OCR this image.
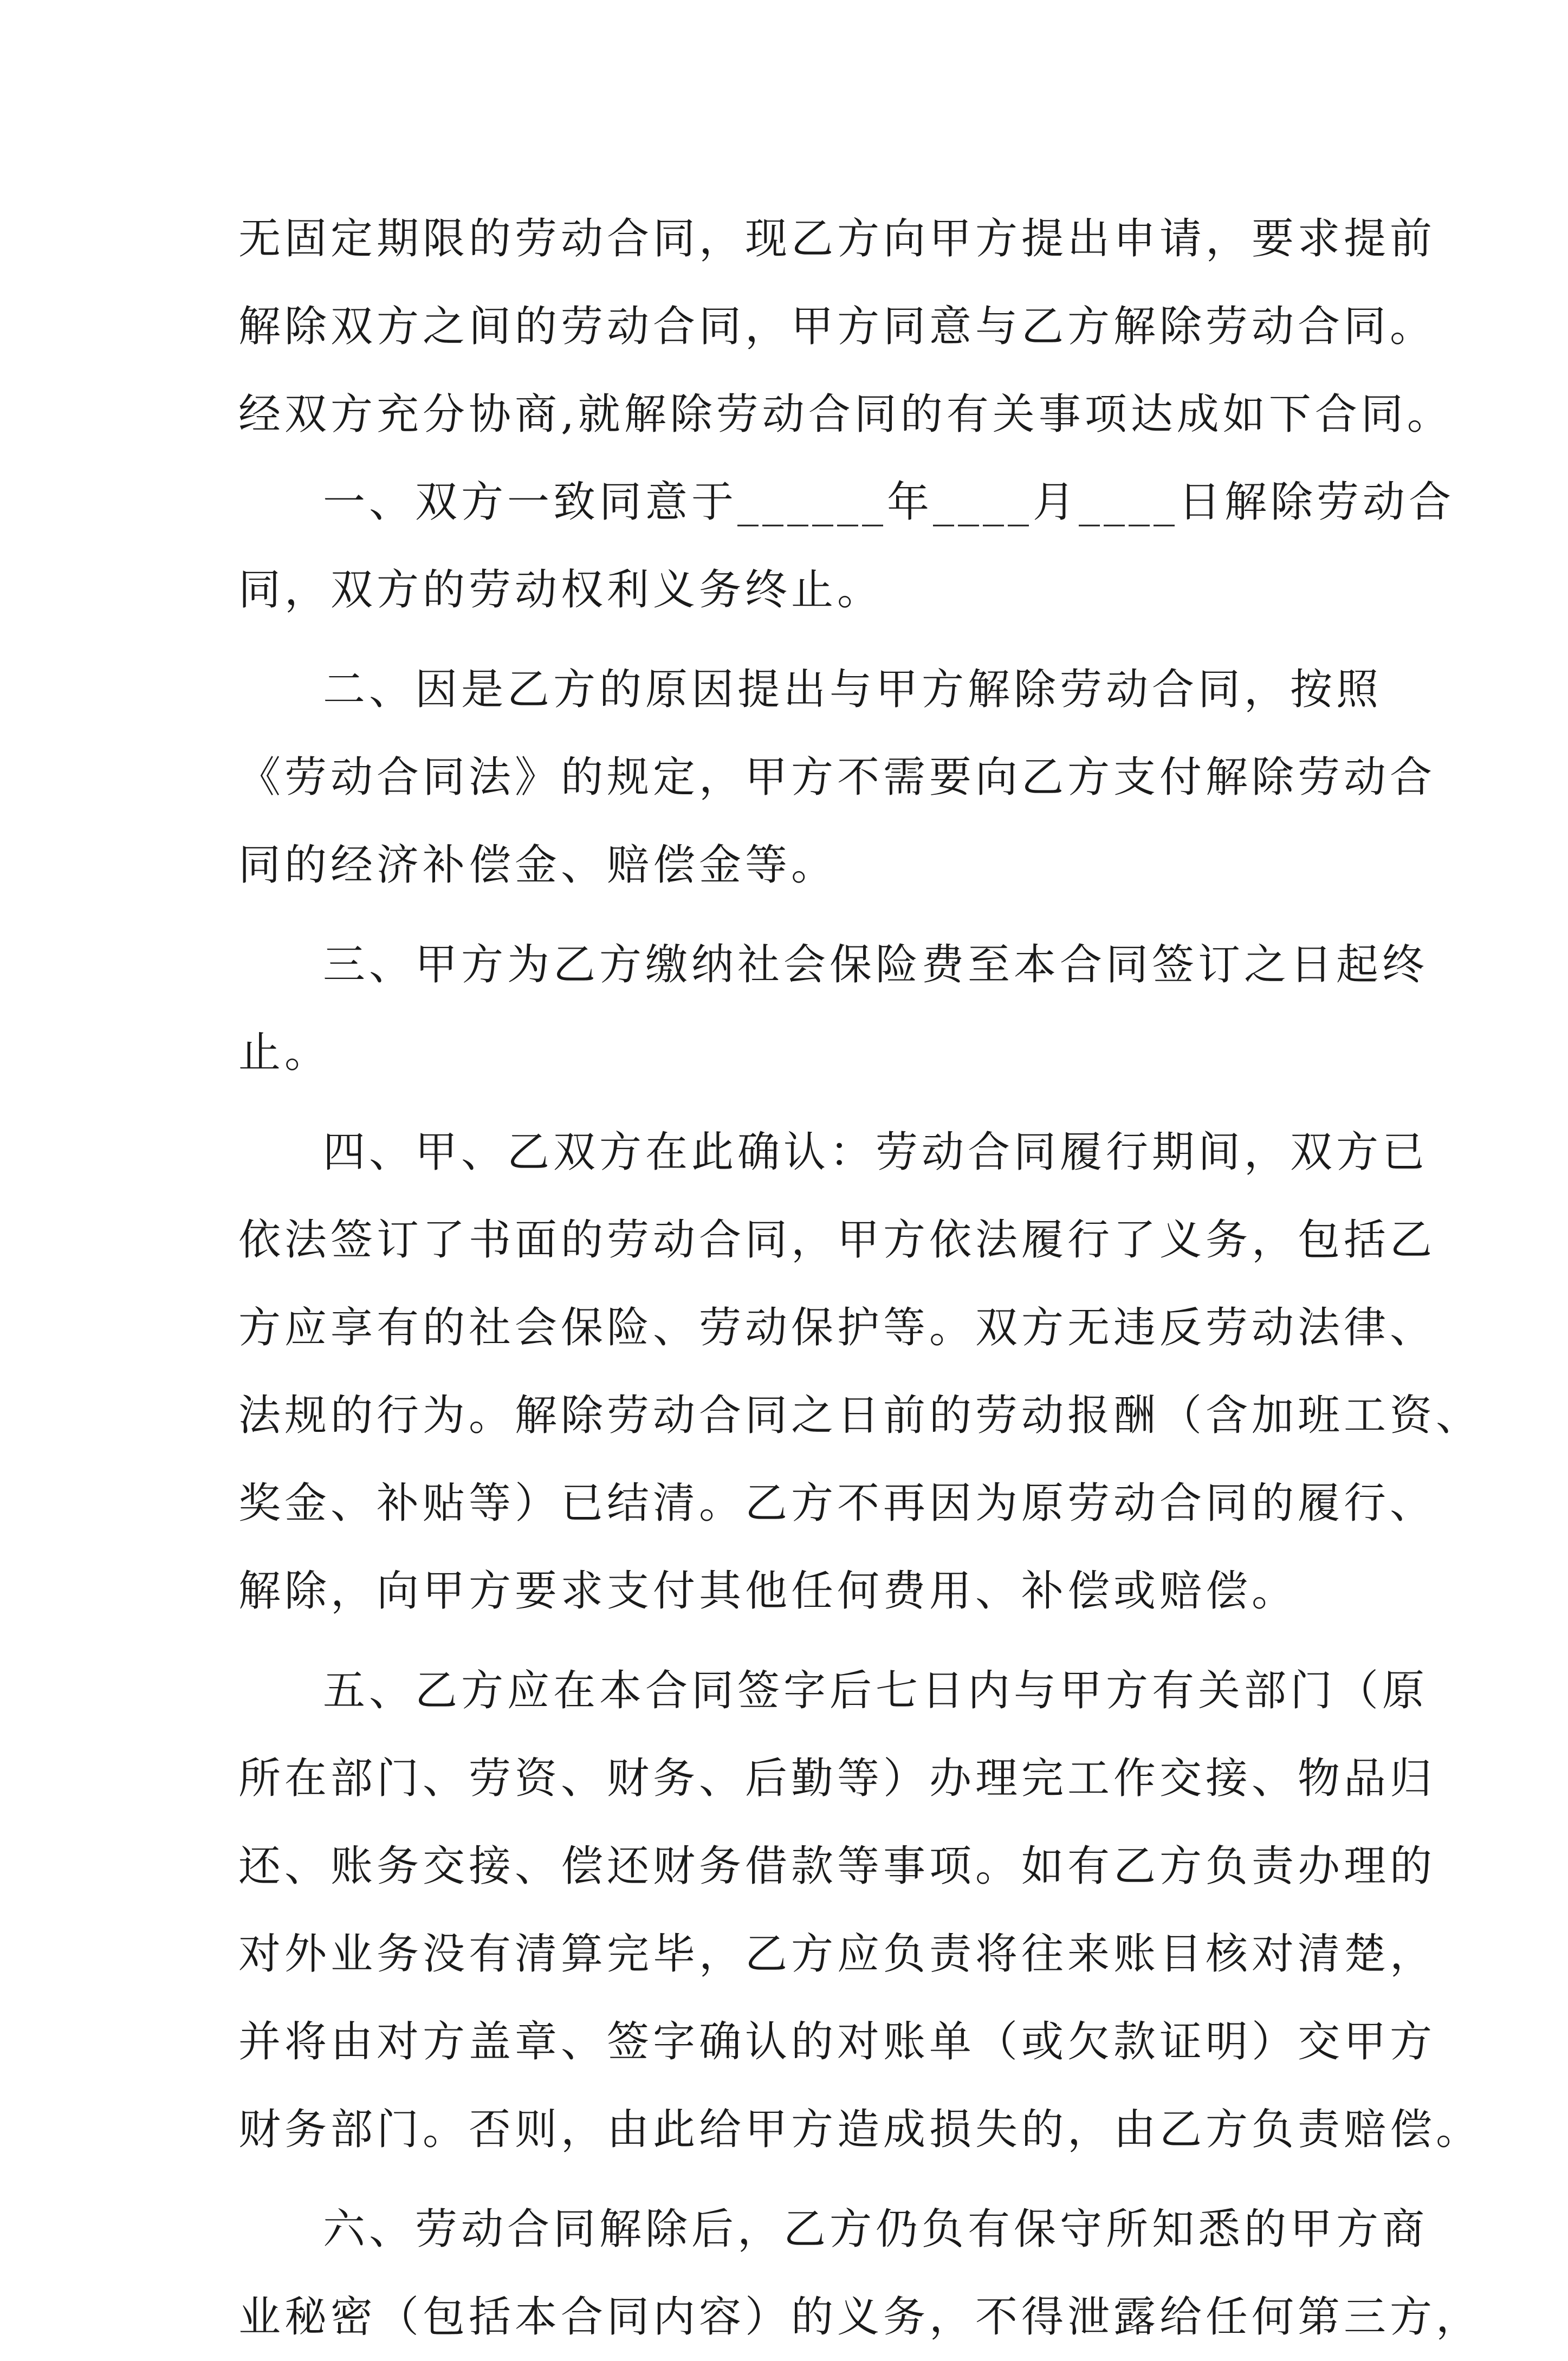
无固定期限的劳动合同，现乙方向甲方提出申请，要求提前
解除双方之间的劳动合同，甲方同意与乙方解除劳动合同。
经双方充分协商,就解除劳动合同的有关事项达成如下合同。
一、双方一致同意于______年____月____日解除劳动合
同，双方的劳动权利义务终止。
二、因是乙方的原因提出与甲方解除劳动合同，按照
《劳动合同法》的规定，甲方不需要向乙方支付解除劳动合
同的经济补偿金、赔偿金等。
三、甲方为乙方缴纳社会保险费至本合同签订之日起终
止。
四、甲、乙双方在此确认：劳动合同履行期间，双方已
依法签订了书面的劳动合同，甲方依法履行了义务，包括乙
方应享有的社会保险、劳动保护等。双方无违反劳动法律、
法规的行为。解除劳动合同之日前的劳动报酬（含加班工资、
奖金、补贴等）已结清。乙方不再因为原劳动合同的履行、
解除，向甲方要求支付其他任何费用、补偿或赔偿。
五、乙方应在本合同签字后七日内与甲方有关部门（原
所在部门、劳资、财务、后勤等）办理完工作交接、物品归
还、账务交接、偿还财务借款等事项。如有乙方负责办理的
对外业务没有清算完毕，乙方应负责将往来账目核对清楚，
并将由对方盖章、签字确认的对账单（或欠款证明）交甲方
财务部门。否则，由此给甲方造成损失的，由乙方负责赔偿。
六、劳动合同解除后，乙方仍负有保守所知悉的甲方商
业秘密（包括本合同内容）的义务，不得泄露给任何第三方，
